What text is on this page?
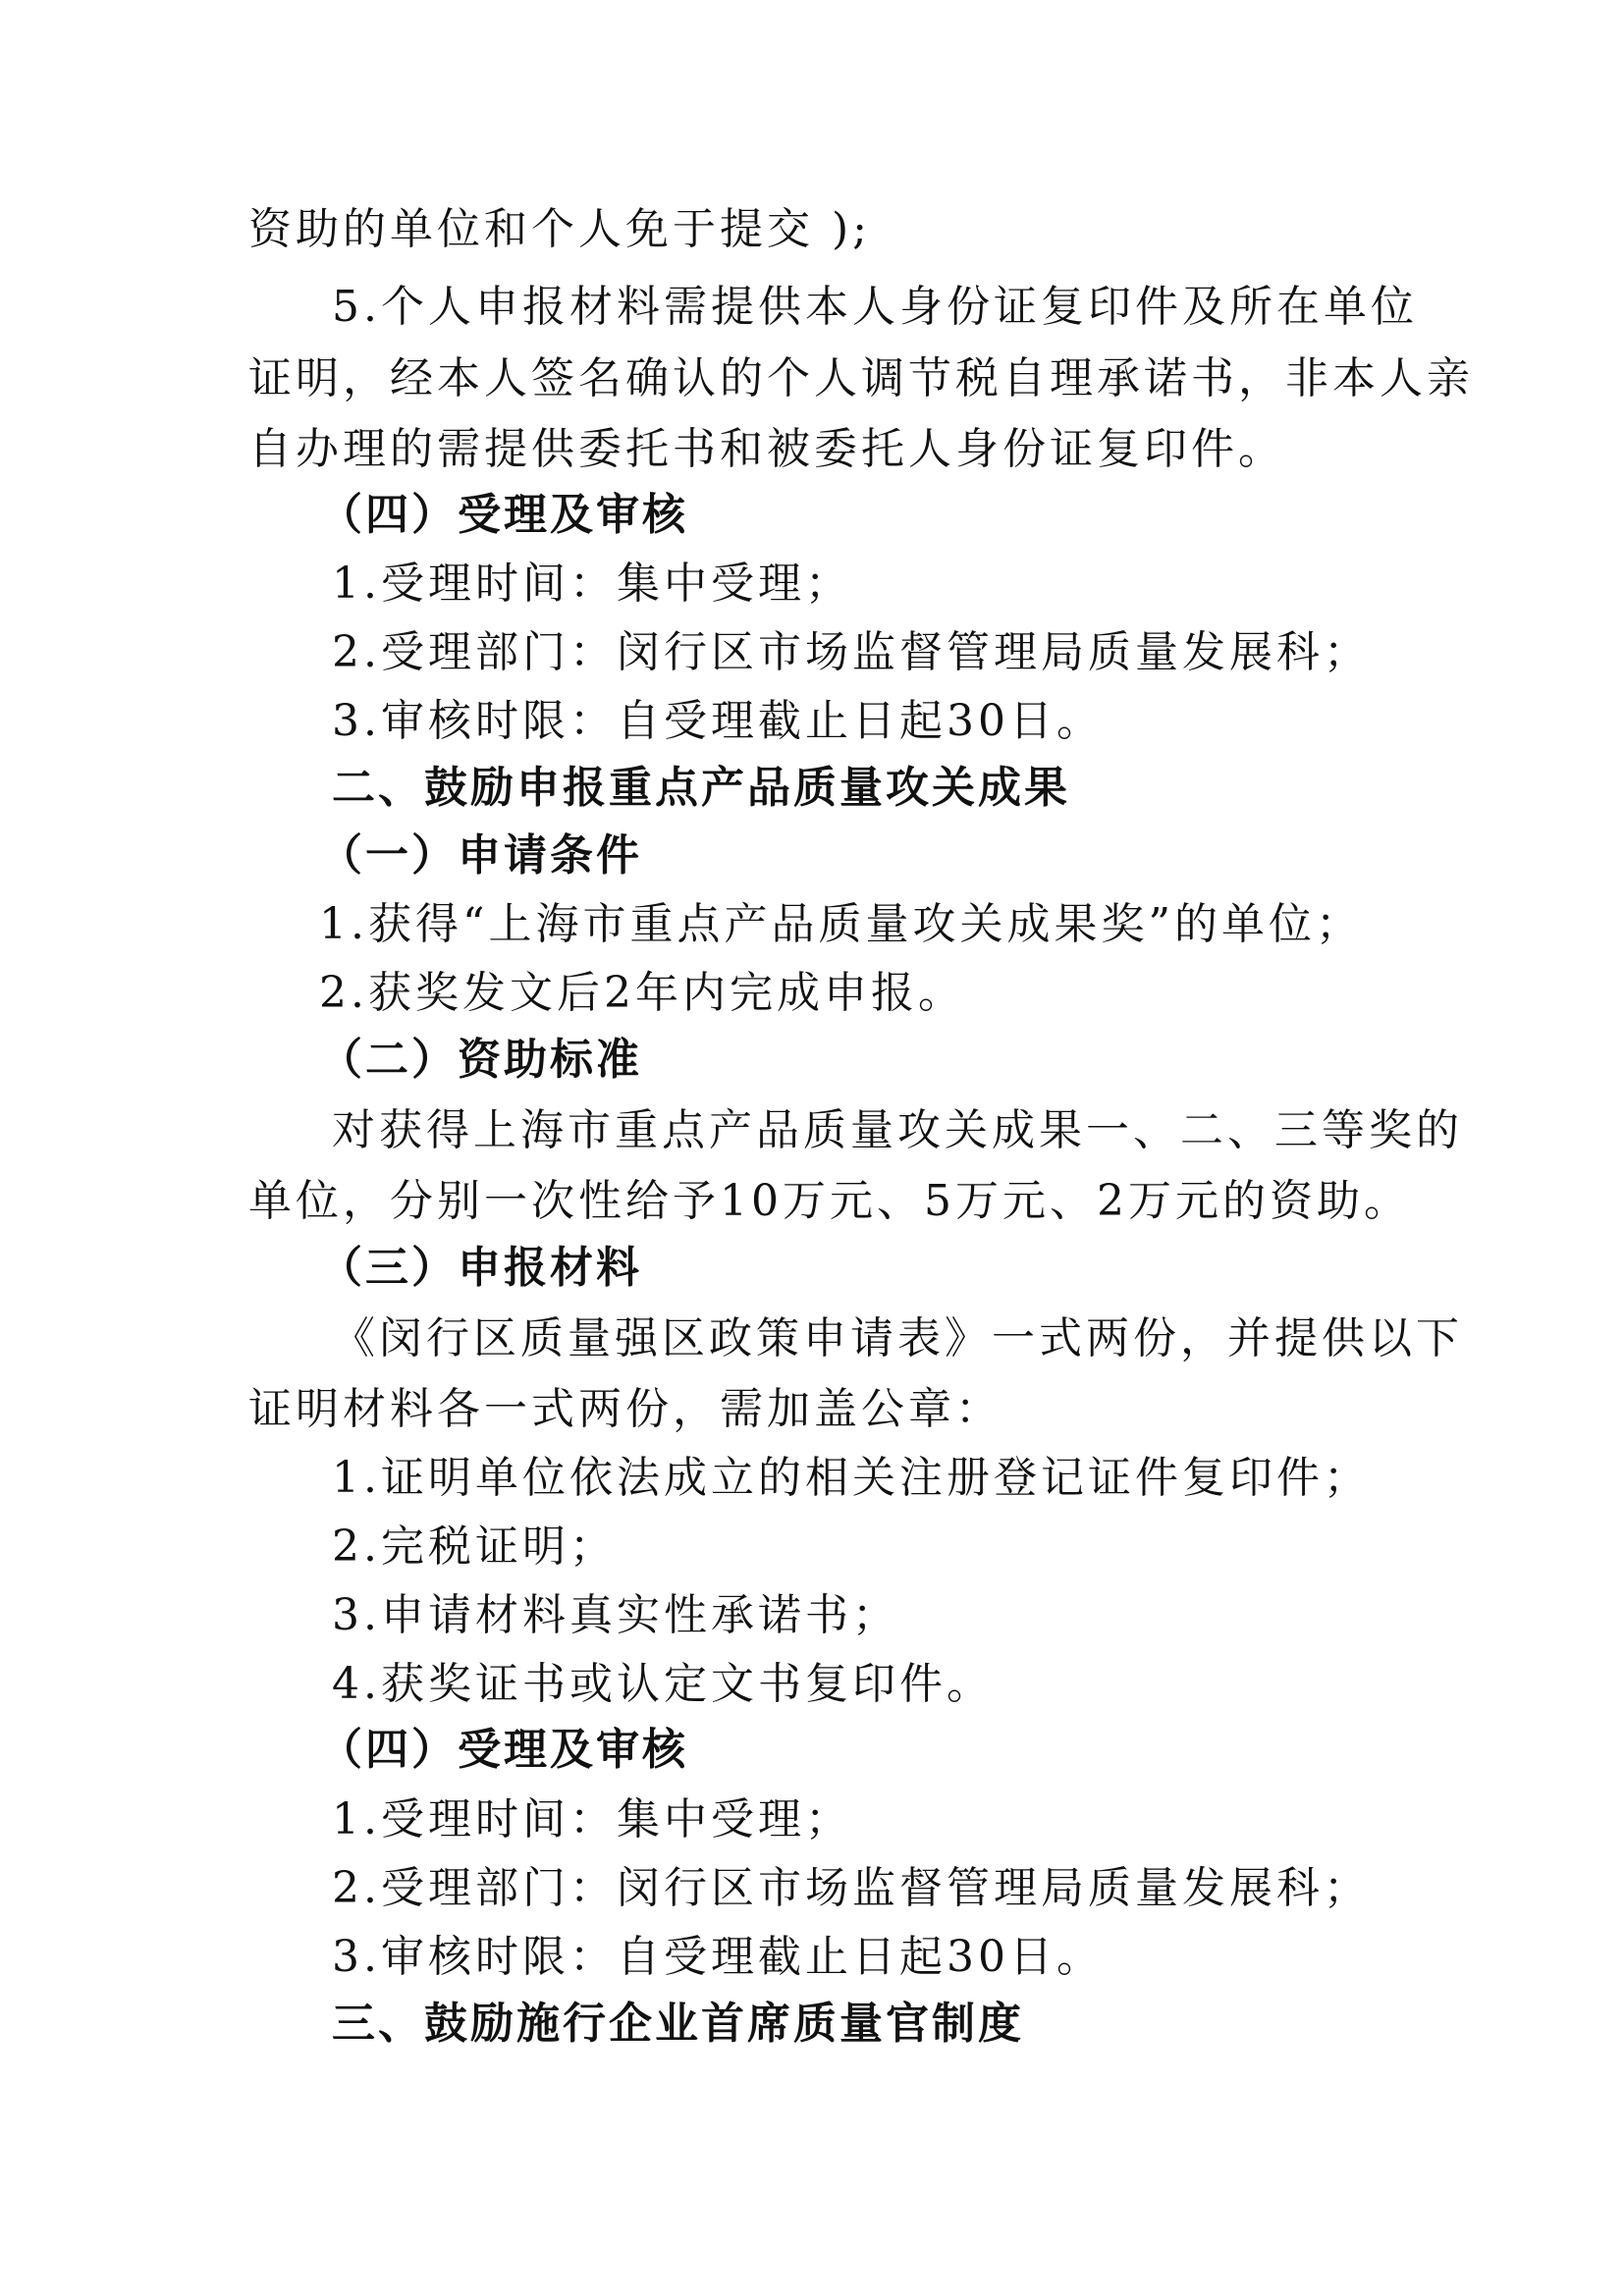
资助的单位和个人免于提交 );
5.个人申报材料需提供本人身份证复印件及所在单位
证明，经本人签名确认的个人调节税自理承诺书，非本人亲
自办理的需提供委托书和被委托人身份证复印件。
（四）受理及审核
1.受理时间：集中受理；
2.受理部门：闵行区市场监督管理局质量发展科；
3.审核时限：自受理截止日起30日。
二、鼓励申报重点产品质量攻关成果
（一）申请条件
1.获得“上海市重点产品质量攻关成果奖”的单位；
2.获奖发文后2年内完成申报。
（二）资助标准
对获得上海市重点产品质量攻关成果一、二、三等奖的
单位，分别一次性给予10万元、5万元、2万元的资助。
（三）申报材料
《闵行区质量强区政策申请表》一式两份，并提供以下
证明材料各一式两份，需加盖公章：
1.证明单位依法成立的相关注册登记证件复印件；
2.完税证明；
3.申请材料真实性承诺书；
4.获奖证书或认定文书复印件。
（四）受理及审核
1.受理时间：集中受理；
2.受理部门：闵行区市场监督管理局质量发展科；
3.审核时限：自受理截止日起30日。
三、鼓励施行企业首席质量官制度
